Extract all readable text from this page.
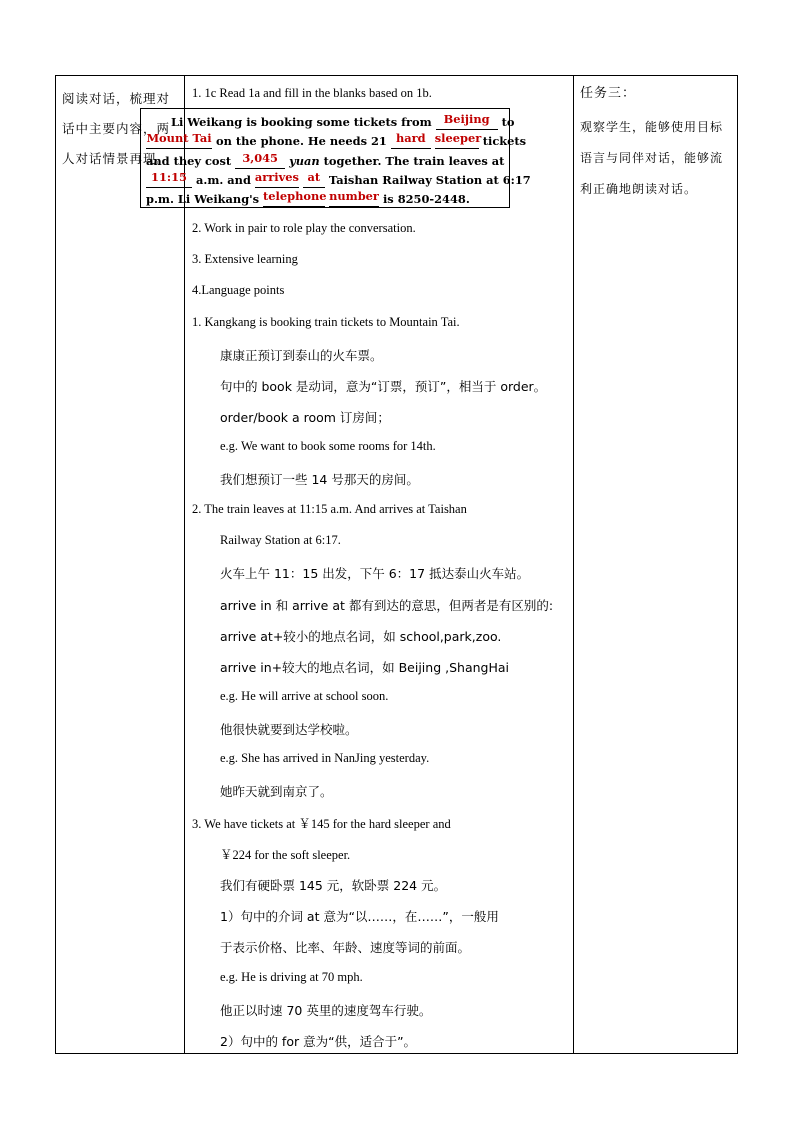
阅读对话，梳理对话中主要内容，两人对话情景再现。
任务三：
观察学生，能够使用目标语言与同伴对话，能够流利正确地朗读对话。
1. 1c Read 1a and fill in the blanks based on 1b.
Li Weikang is booking some tickets from Beijing to
Mount Tai on the phone. He needs 21 hard sleeper tickets
and they cost 3,045 yuan together. The train leaves at
11:15 a.m. and arrives at Taishan Railway Station at 6:17
p.m. Li Weikang's telephone number is 8250-2448.
2. Work in pair to role play the conversation.
3. Extensive learning
4.Language points
1. Kangkang is booking train tickets to Mountain Tai.
康康正预订到泰山的火车票。
句中的 book 是动词，意为“订票，预订”，相当于 order。
order/book a room 订房间；
e.g. We want to book some rooms for 14th.
我们想预订一些 14 号那天的房间。
2. The train leaves at 11:15 a.m. And arrives at Taishan
Railway Station at 6:17.
火车上午 11：15 出发，下午 6：17 抵达泰山火车站。
arrive in 和 arrive at 都有到达的意思，但两者是有区别的:
arrive at+较小的地点名词，如 school,park,zoo.
arrive in+较大的地点名词，如 Beijing ,ShangHai
e.g. He will arrive at school soon.
他很快就要到达学校啦。
e.g. She has arrived in NanJing yesterday.
她昨天就到南京了。
3. We have tickets at ￥145 for the hard sleeper and
￥224 for the soft sleeper.
我们有硬卧票 145 元，软卧票 224 元。
1）句中的介词 at 意为“以……，在……”，一般用
于表示价格、比率、年龄、速度等词的前面。
e.g. He is driving at 70 mph.
他正以时速 70 英里的速度驾车行驶。
2）句中的 for 意为“供，适合于”。
